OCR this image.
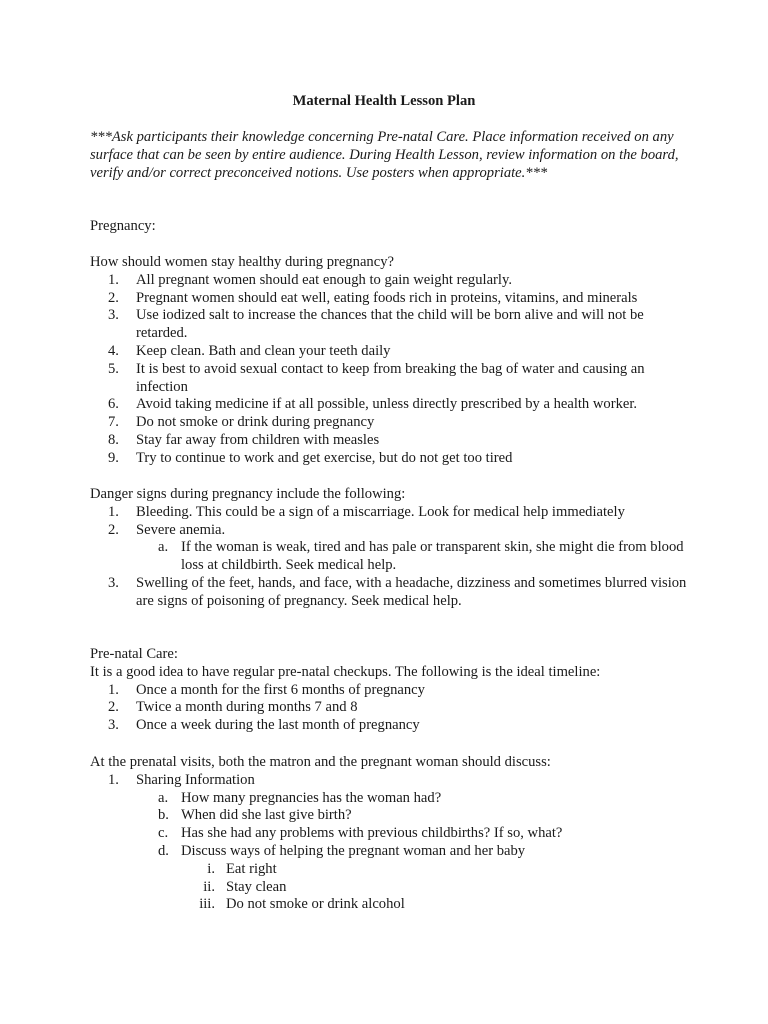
Maternal Health Lesson Plan

***Ask participants their knowledge concerning Pre-natal Care. Place information received on any surface that can be seen by entire audience. During Health Lesson, review information on the board, verify and/or correct preconceived notions. Use posters when appropriate.***

Pregnancy:

How should women stay healthy during pregnancy?

1. All pregnant women should eat enough to gain weight regularly.
2. Pregnant women should eat well, eating foods rich in proteins, vitamins, and minerals
3. Use iodized salt to increase the chances that the child will be born alive and will not be retarded.
4. Keep clean. Bath and clean your teeth daily
5. It is best to avoid sexual contact to keep from breaking the bag of water and causing an infection
6. Avoid taking medicine if at all possible, unless directly prescribed by a health worker.
7. Do not smoke or drink during pregnancy
8. Stay far away from children with measles
9. Try to continue to work and get exercise, but do not get too tired

Danger signs during pregnancy include the following:

1. Bleeding. This could be a sign of a miscarriage. Look for medical help immediately
2. Severe anemia.
a. If the woman is weak, tired and has pale or transparent skin, she might die from blood loss at childbirth. Seek medical help.
3. Swelling of the feet, hands, and face, with a headache, dizziness and sometimes blurred vision are signs of poisoning of pregnancy. Seek medical help.

Pre-natal Care:

It is a good idea to have regular pre-natal checkups. The following is the ideal timeline:

1. Once a month for the first 6 months of pregnancy
2. Twice a month during months 7 and 8
3. Once a week during the last month of pregnancy

At the prenatal visits, both the matron and the pregnant woman should discuss:

1. Sharing Information
a. How many pregnancies has the woman had?
b. When did she last give birth?
c. Has she had any problems with previous childbirths? If so, what?
d. Discuss ways of helping the pregnant woman and her baby
i. Eat right
ii. Stay clean
iii. Do not smoke or drink alcohol
